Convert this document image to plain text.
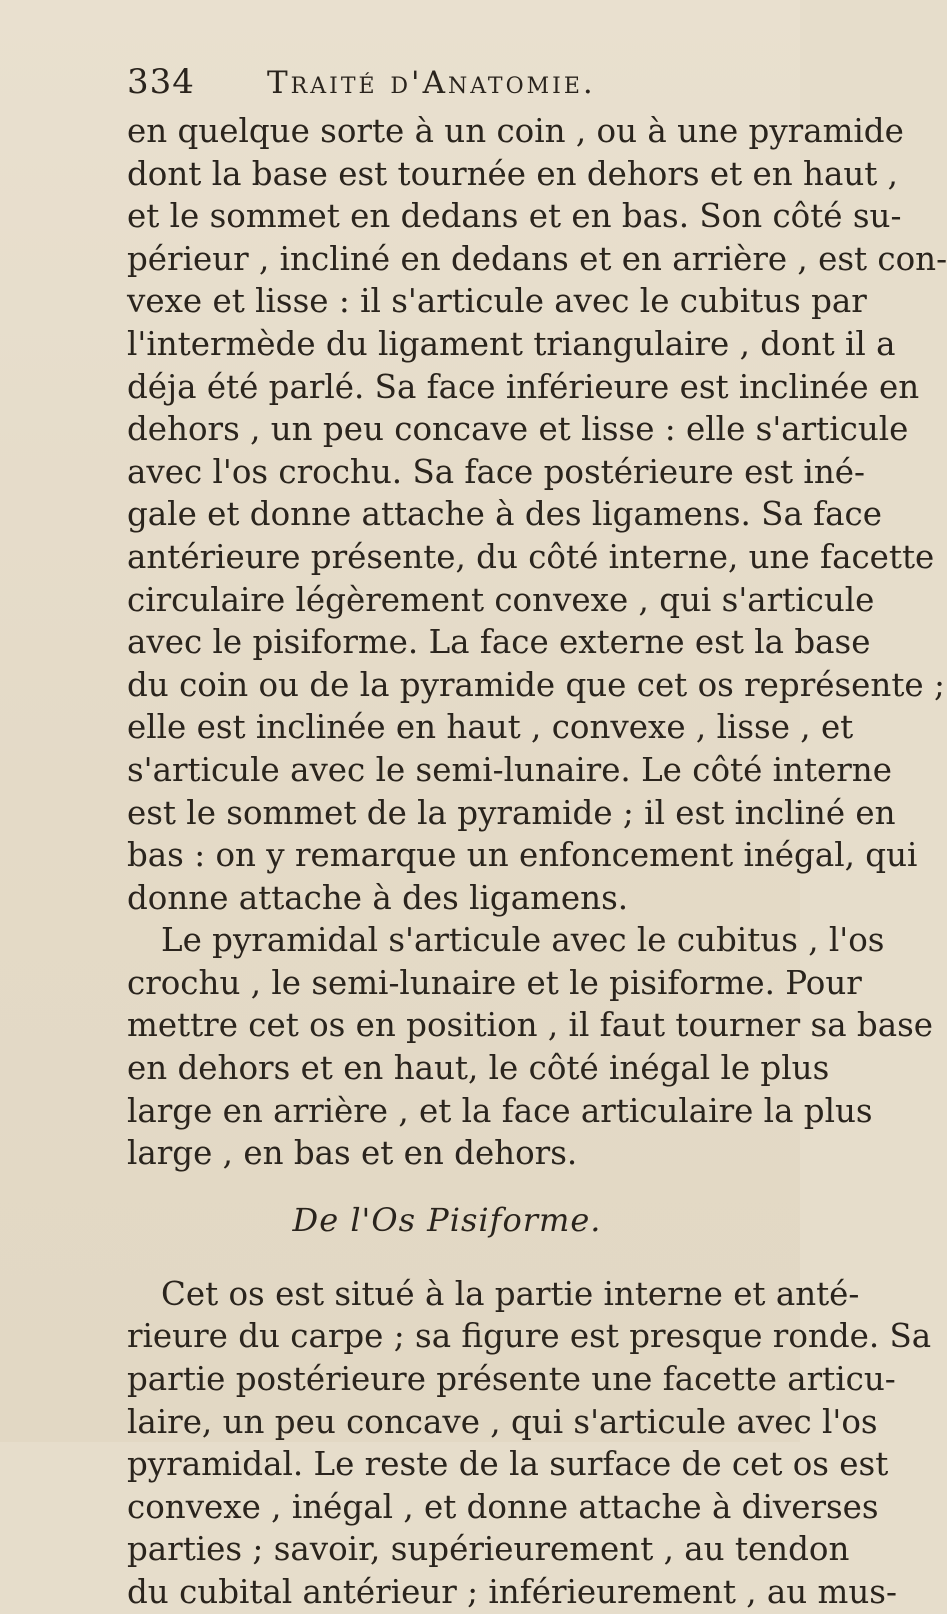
334	Traité d'Anatomie.
en quelque sorte à un coin , ou à une pyramide
dont la base est tournée en dehors et en haut ,
et le sommet en dedans et en bas. Son côté su-
périeur , incliné en dedans et en arrière , est con-
vexe et lisse : il s'articule avec le cubitus par
l'intermède du ligament triangulaire , dont il a
déja été parlé. Sa face inférieure est inclinée en
dehors , un peu concave et lisse : elle s'articule
avec l'os crochu. Sa face postérieure est iné-
gale et donne attache à des ligamens. Sa face
antérieure présente, du côté interne, une facette
circulaire légèrement convexe , qui s'articule
avec le pisiforme. La face externe est la base
du coin ou de la pyramide que cet os représente ;
elle est inclinée en haut , convexe , lisse , et
s'articule avec le semi-lunaire. Le côté interne
est le sommet de la pyramide ; il est incliné en
bas : on y remarque un enfoncement inégal, qui
donne attache à des ligamens.
Le pyramidal s'articule avec le cubitus , l'os
crochu , le semi-lunaire et le pisiforme. Pour
mettre cet os en position , il faut tourner sa base
en dehors et en haut, le côté inégal le plus
large en arrière , et la face articulaire la plus
large , en bas et en dehors.
De l'Os Pisiforme.
Cet os est situé à la partie interne et anté-
rieure du carpe ; sa figure est presque ronde. Sa
partie postérieure présente une facette articu-
laire, un peu concave , qui s'articule avec l'os
pyramidal. Le reste de la surface de cet os est
convexe , inégal , et donne attache à diverses
parties ; savoir, supérieurement , au tendon
du cubital antérieur ; inférieurement , au mus-
